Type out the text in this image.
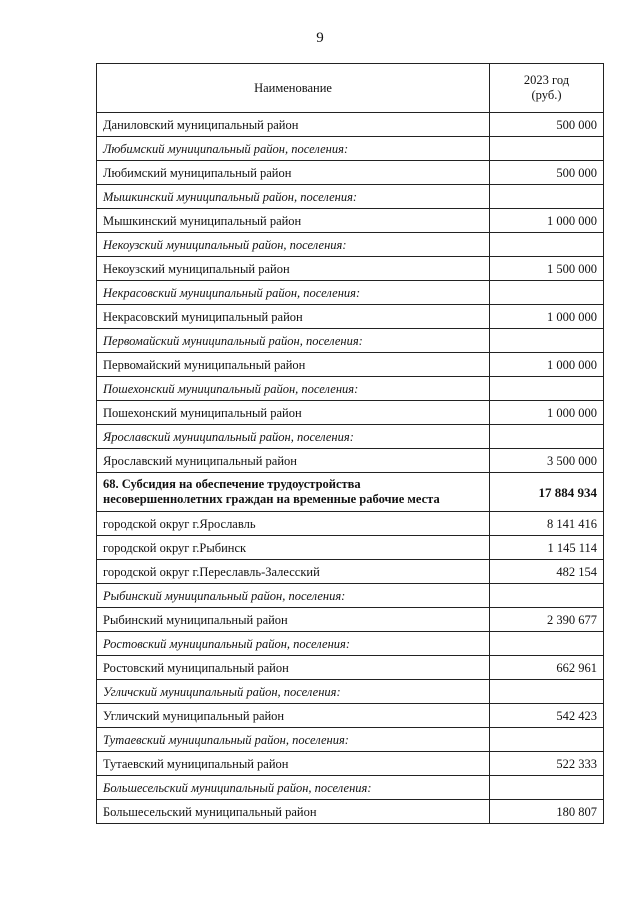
9
Наименование	2023 год
(руб.)
Даниловский муниципальный район	500 000
Любимский муниципальный район, поселения:	
Любимский муниципальный район	500 000
Мышкинский муниципальный район, поселения:	
Мышкинский муниципальный район	1 000 000
Некоузский муниципальный район, поселения:	
Некоузский муниципальный район	1 500 000
Некрасовский муниципальный район, поселения:	
Некрасовский муниципальный район	1 000 000
Первомайский муниципальный район, поселения:	
Первомайский муниципальный район	1 000 000
Пошехонский муниципальный район, поселения:	
Пошехонский муниципальный район	1 000 000
Ярославский муниципальный район, поселения:	
Ярославский муниципальный район	3 500 000
68. Субсидия на обеспечение трудоустройства несовершеннолетних граждан на временные рабочие места	17 884 934
городской округ г.Ярославль	8 141 416
городской округ г.Рыбинск	1 145 114
городской округ г.Переславль-Залесский	482 154
Рыбинский муниципальный район, поселения:	
Рыбинский муниципальный район	2 390 677
Ростовский муниципальный район, поселения:	
Ростовский муниципальный район	662 961
Угличский муниципальный район, поселения:	
Угличский муниципальный район	542 423
Тутаевский муниципальный район, поселения:	
Тутаевский муниципальный район	522 333
Большесельский муниципальный район, поселения:	
Большесельский муниципальный район	180 807
